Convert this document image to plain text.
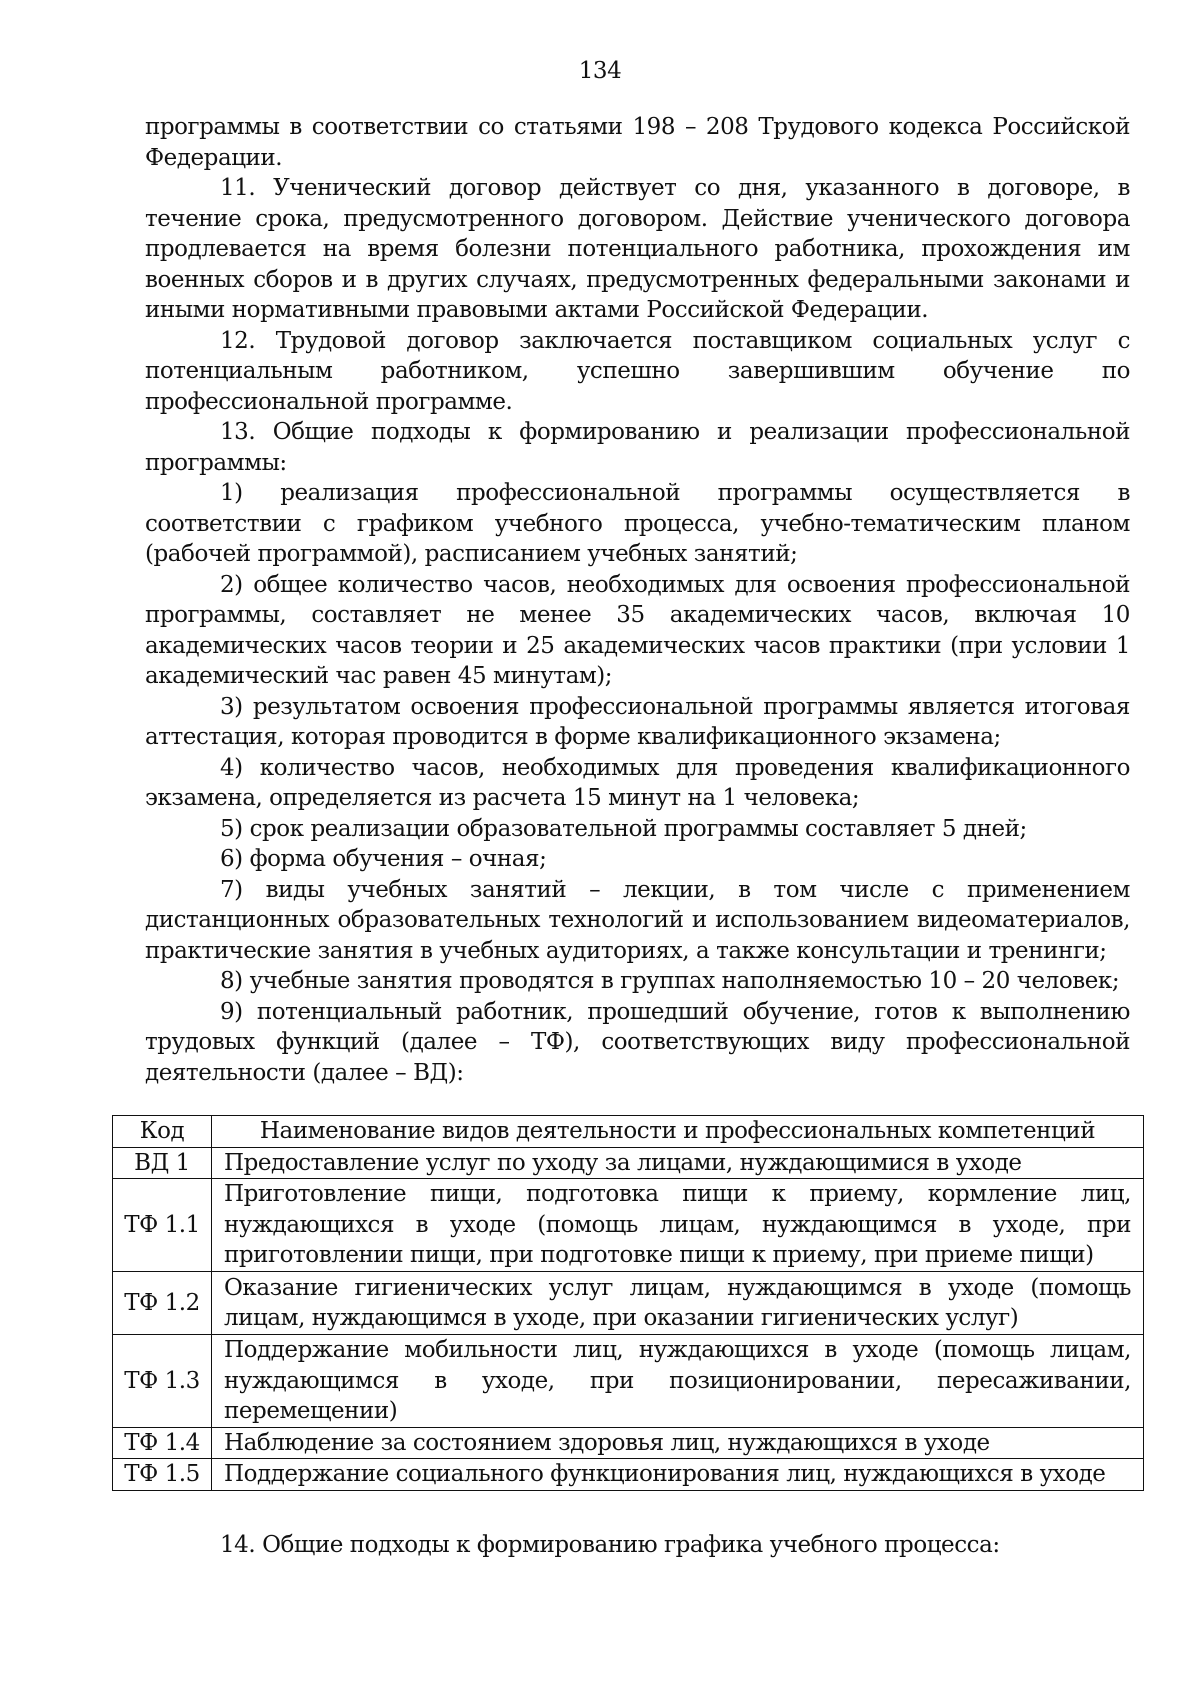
134

программы в соответствии со статьями 198 – 208 Трудового кодекса Российской Федерации.

11. Ученический договор действует со дня, указанного в договоре, в течение срока, предусмотренного договором. Действие ученического договора продлевается на время болезни потенциального работника, прохождения им военных сборов и в других случаях, предусмотренных федеральными законами и иными нормативными правовыми актами Российской Федерации.

12. Трудовой договор заключается поставщиком социальных услуг с потенциальным работником, успешно завершившим обучение по профессиональной программе.

13. Общие подходы к формированию и реализации профессиональной программы:

1) реализация профессиональной программы осуществляется в соответствии с графиком учебного процесса, учебно-тематическим планом (рабочей программой), расписанием учебных занятий;

2) общее количество часов, необходимых для освоения профессиональной программы, составляет не менее 35 академических часов, включая 10 академических часов теории и 25 академических часов практики (при условии 1 академический час равен 45 минутам);

3) результатом освоения профессиональной программы является итоговая аттестация, которая проводится в форме квалификационного экзамена;

4) количество часов, необходимых для проведения квалификационного экзамена, определяется из расчета 15 минут на 1 человека;

5) срок реализации образовательной программы составляет 5 дней;

6) форма обучения – очная;

7) виды учебных занятий – лекции, в том числе с применением дистанционных образовательных технологий и использованием видеоматериалов, практические занятия в учебных аудиториях, а также консультации и тренинги;

8) учебные занятия проводятся в группах наполняемостью 10 – 20 человек;

9) потенциальный работник, прошедший обучение, готов к выполнению трудовых функций (далее – ТФ), соответствующих виду профессиональной деятельности (далее – ВД):

Код	Наименование видов деятельности и профессиональных компетенций
ВД 1	Предоставление услуг по уходу за лицами, нуждающимися в уходе
ТФ 1.1	Приготовление пищи, подготовка пищи к приему, кормление лиц, нуждающихся в уходе (помощь лицам, нуждающимся в уходе, при приготовлении пищи, при подготовке пищи к приему, при приеме пищи)
ТФ 1.2	Оказание гигиенических услуг лицам, нуждающимся в уходе (помощь лицам, нуждающимся в уходе, при оказании гигиенических услуг)
ТФ 1.3	Поддержание мобильности лиц, нуждающихся в уходе (помощь лицам, нуждающимся в уходе, при позиционировании, пересаживании, перемещении)
ТФ 1.4	Наблюдение за состоянием здоровья лиц, нуждающихся в уходе
ТФ 1.5	Поддержание социального функционирования лиц, нуждающихся в уходе
14. Общие подходы к формированию графика учебного процесса:
